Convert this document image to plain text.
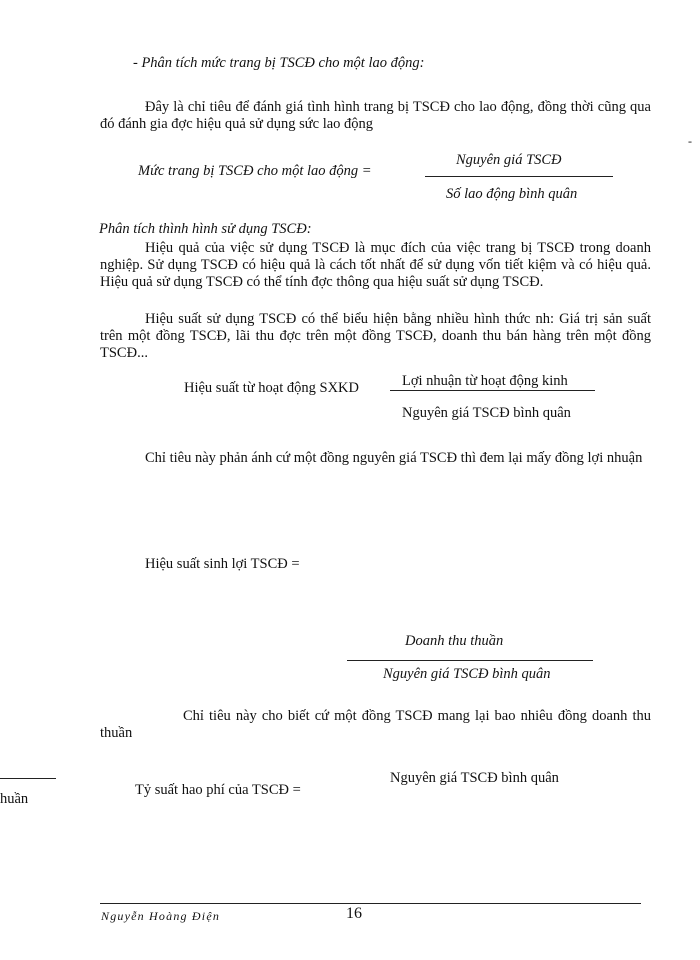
- Phân tích mức trang bị TSCĐ cho một lao động:
Đây là chỉ tiêu để đánh giá tình hình trang bị TSCĐ cho lao động, đồng thời cũng qua đó đánh gia đợc hiệu quả sử dụng sức lao động
Mức trang bị TSCĐ cho một lao động =
Nguyên giá TSCĐ
Số lao động bình quân
-
Phân tích thình hình sử dụng TSCĐ:
Hiệu quả của việc sử dụng TSCĐ là mục đích của việc trang bị TSCĐ trong doanh nghiệp. Sử dụng TSCĐ có hiệu quả là cách tốt nhất để sử dụng vốn tiết kiệm và có hiệu quả. Hiệu quả sử dụng TSCĐ có thể tính đợc thông qua hiệu suất sử dụng TSCĐ.
Hiệu suất sử dụng TSCĐ có thể biểu hiện bằng nhiều hình thức nh: Giá trị sản suất trên một đồng TSCĐ, lãi thu đợc trên một đồng TSCĐ, doanh thu bán hàng trên một đồng TSCĐ...
Hiệu suất từ hoạt động SXKD	Lợi nhuận từ hoạt động kinh
Nguyên giá TSCĐ bình quân
Chỉ tiêu này phản ánh cứ một đồng nguyên giá TSCĐ thì đem lại mấy đồng lợi nhuận
Hiệu suất sinh lợi TSCĐ =
Doanh thu thuần
Nguyên giá TSCĐ bình quân
Chỉ tiêu này cho biết cứ một đồng TSCĐ mang lại bao nhiêu đồng doanh thu thuần
huần
Tỷ suất hao phí của TSCĐ =
Nguyên giá TSCĐ bình quân
Nguyễn Hoàng Điện	16
